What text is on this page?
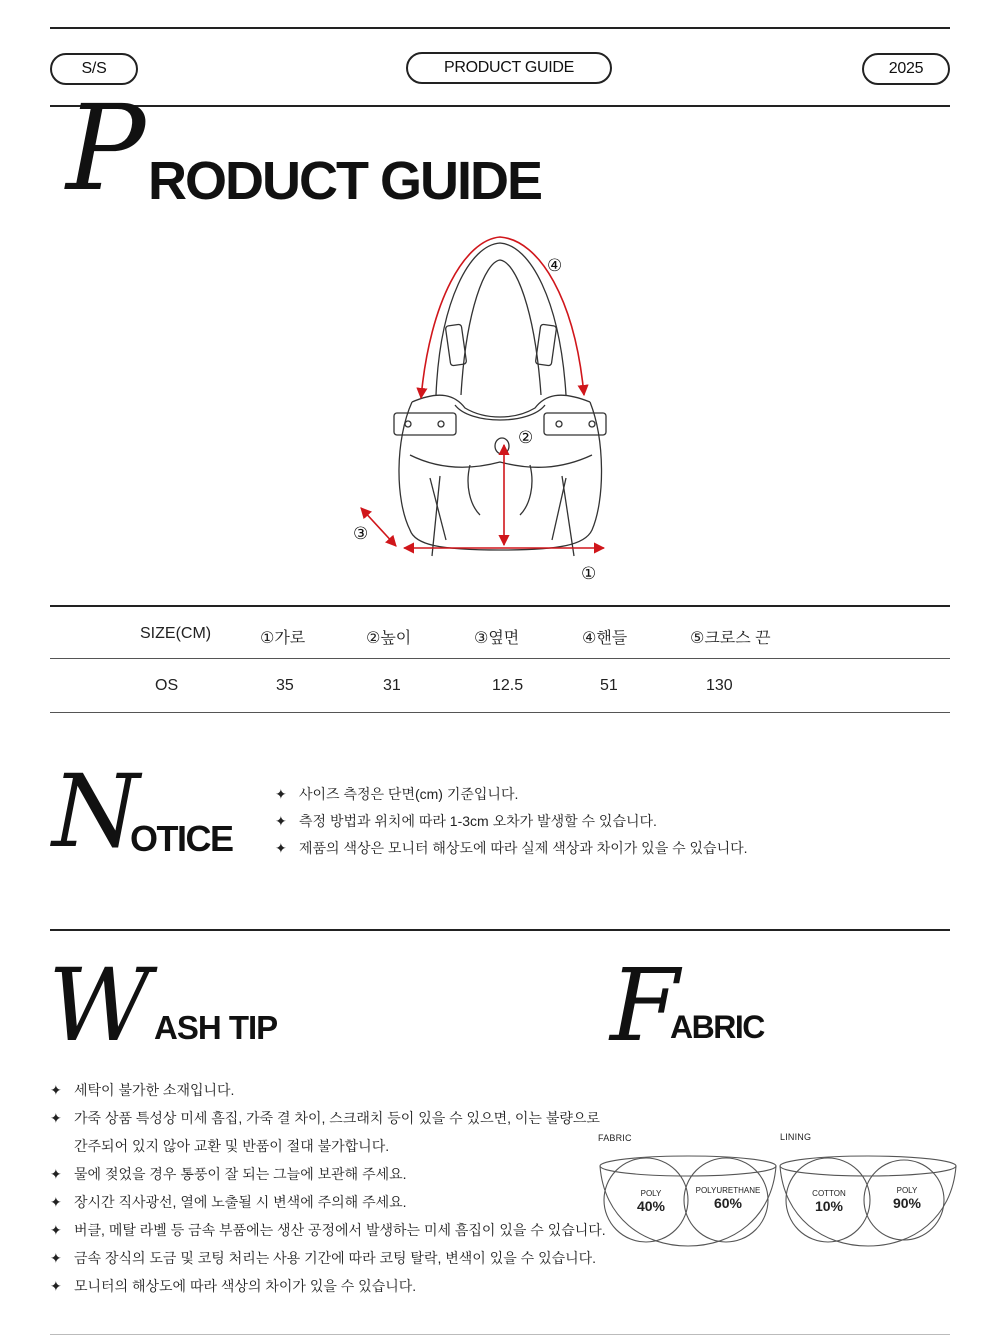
S/S	PRODUCT GUIDE	2025
P RODUCT GUIDE
④
②
③
①
SIZE(CM)	①가로	②높이	③옆면	④핸들	⑤크로스 끈
OS	35	31	12.5	51	130
N
OTICE
✦ 사이즈 측정은 단면(cm) 기준입니다.
✦ 측정 방법과 위치에 따라 1-3cm 오차가 발생할 수 있습니다.
✦ 제품의 색상은 모니터 해상도에 따라 실제 색상과 차이가 있을 수 있습니다.
W ASH TIP
✦ 세탁이 불가한 소재입니다.
✦ 가죽 상품 특성상 미세 흠집, 가죽 결 차이, 스크래치 등이 있을 수 있으면, 이는 불량으로
간주되어 있지 않아 교환 및 반품이 절대 불가합니다.
✦ 물에 젖었을 경우 통풍이 잘 되는 그늘에 보관해 주세요.
✦ 장시간 직사광선, 열에 노출될 시 변색에 주의해 주세요.
✦ 버클, 메탈 라벨 등 금속 부품에는 생산 공정에서 발생하는 미세 흠집이 있을 수 있습니다.
✦ 금속 장식의 도금 및 코팅 처리는 사용 기간에 따라 코팅 탈락, 변색이 있을 수 있습니다.
✦ 모니터의 해상도에 따라 색상의 차이가 있을 수 있습니다.
F
ABRIC
FABRIC	LINING
POLY
40%
POLYURETHANE
60%
COTTON
10%
POLY
90%
